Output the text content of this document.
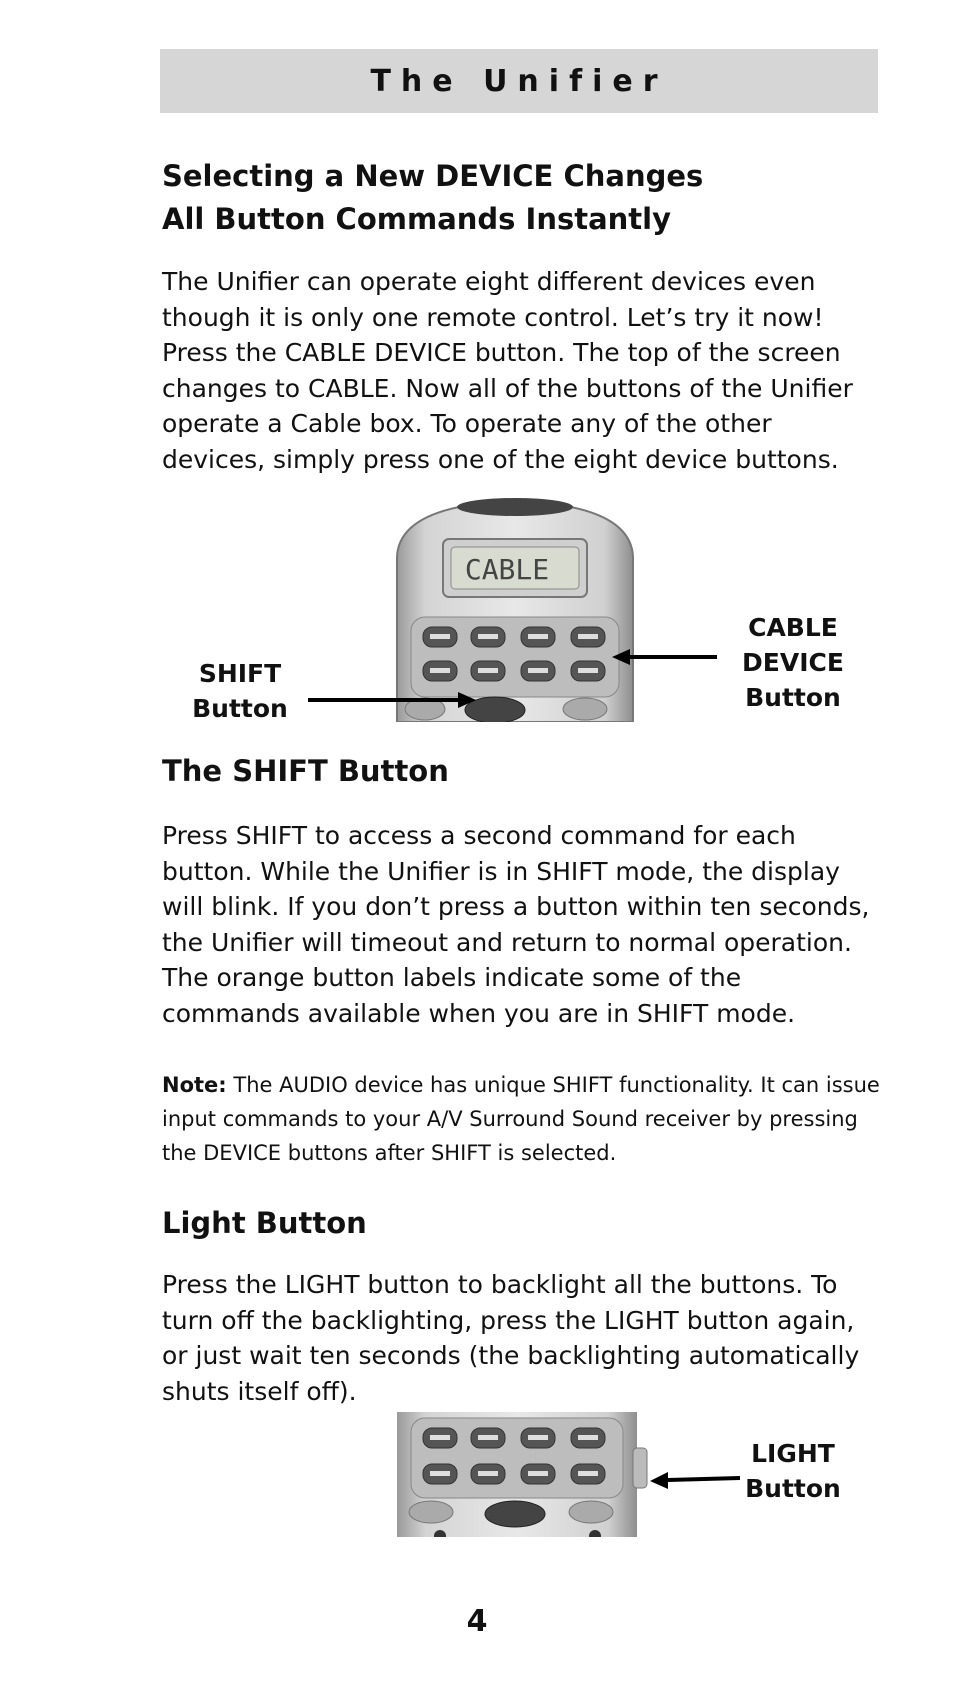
The Unifier
Selecting a New DEVICE Changes
All Button Commands Instantly

The Unifier can operate eight different devices even though it is only one remote control. Let’s try it now! Press the CABLE DEVICE button. The top of the screen changes to CABLE. Now all of the buttons of the Unifier operate a Cable box. To operate any of the other devices, simply press one of the eight device buttons.

CABLE
SHIFT
Button
CABLE
DEVICE
Button
The SHIFT Button

Press SHIFT to access a second command for each button. While the Unifier is in SHIFT mode, the display will blink. If you don’t press a button within ten seconds, the Unifier will timeout and return to normal operation. The orange button labels indicate some of the commands available when you are in SHIFT mode.

Note: The AUDIO device has unique SHIFT functionality. It can issue input commands to your A/V Surround Sound receiver by pressing the DEVICE buttons after SHIFT is selected.

Light Button

Press the LIGHT button to backlight all the buttons. To turn off the backlighting, press the LIGHT button again, or just wait ten seconds (the backlighting automatically shuts itself off).

LIGHT
Button
4
